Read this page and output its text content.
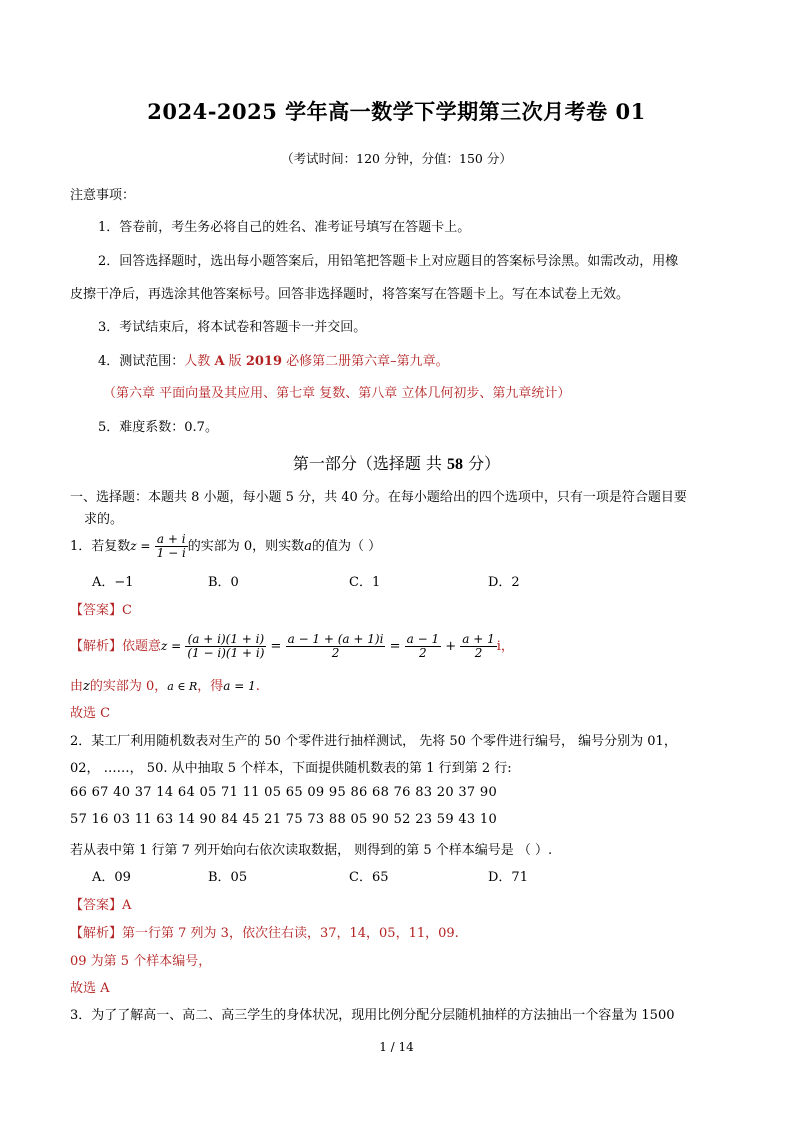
2024-2025 学年高一数学下学期第三次月考卷 01
（考试时间：120 分钟，分值：150 分）
注意事项：
1．答卷前，考生务必将自己的姓名、准考证号填写在答题卡上。
2．回答选择题时，选出每小题答案后，用铅笔把答题卡上对应题目的答案标号涂黑。如需改动，用橡
皮擦干净后，再选涂其他答案标号。回答非选择题时，将答案写在答题卡上。写在本试卷上无效。
3．考试结束后，将本试卷和答题卡一并交回。
4．测试范围：人教 A 版 2019 必修第二册第六章–第九章。
（第六章 平面向量及其应用、第七章 复数、第八章 立体几何初步、第九章统计）
5．难度系数：0.7。
第一部分（选择题 共 58 分）
一、选择题：本题共 8 小题，每小题 5 分，共 40 分。在每小题给出的四个选项中，只有一项是符合题目要
求的。
1．若复数$z = \frac{a + i}{1 - i}$ 的实部为 0，则实数a的值为（ ）
A．−1	B．0	C．1	D．2
【答案】C
【解析】依题意$z = \frac{(a + i)(1 + i)}{(1 - i)(1 + i)} = \frac{a - 1 + (a + 1)i}{2} = \frac{a - 1}{2} + \frac{a + 1}{2}$ i，
由z的实部为 0，a ∈ R，得a = 1.
故选 C
2．某工厂利用随机数表对生产的 50 个零件进行抽样测试， 先将 50 个零件进行编号， 编号分别为 01，
02， ……， 50. 从中抽取 5 个样本，下面提供随机数表的第 1 行到第 2 行:
66 67 40 37 14 64 05 71 11 05 65 09 95 86 68 76 83 20 37 90
57 16 03 11 63 14 90 84 45 21 75 73 88 05 90 52 23 59 43 10
若从表中第 1 行第 7 列开始向右依次读取数据， 则得到的第 5 个样本编号是 （ ）.
A．09	B．05	C．65	D．71
【答案】A
【解析】第一行第 7 列为 3，依次往右读，37，14，05，11，09.
09 为第 5 个样本编号，
故选 A
3．为了了解高一、高二、高三学生的身体状况，现用比例分配分层随机抽样的方法抽出一个容量为 1500
1 / 14
